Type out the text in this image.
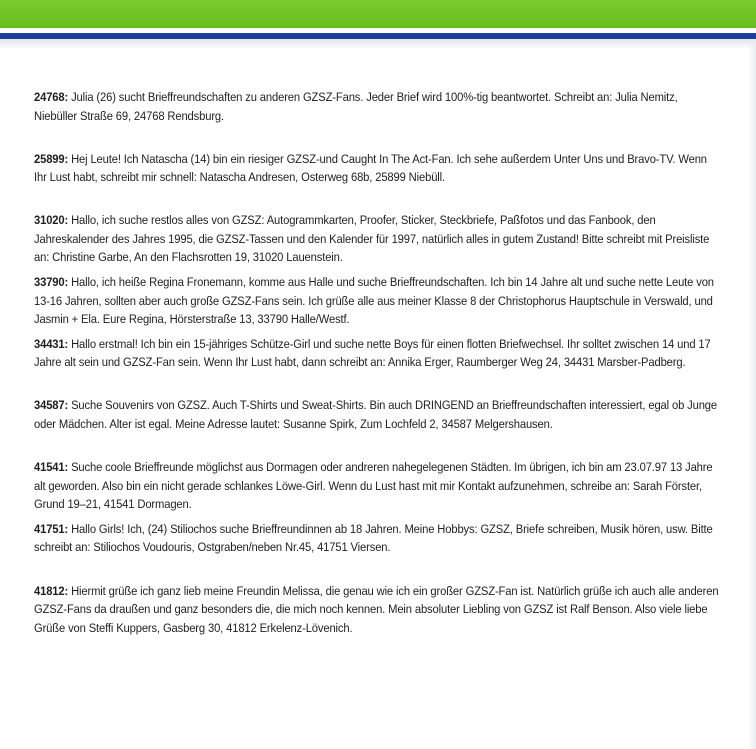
24768: Julia (26) sucht Brieffreundschaften zu anderen GZSZ-Fans. Jeder Brief wird 100%-tig beantwortet. Schreibt an: Julia Nemitz, Niebüller Straße 69, 24768 Rendsburg.
25899: Hej Leute! Ich Natascha (14) bin ein riesiger GZSZ-und Caught In The Act-Fan. Ich sehe außerdem Unter Uns und Bravo-TV. Wenn Ihr Lust habt, schreibt mir schnell: Natascha Andresen, Osterweg 68b, 25899 Niebüll.
31020: Hallo, ich suche restlos alles von GZSZ: Autogrammkarten, Proofer, Sticker, Steckbriefe, Paßfotos und das Fanbook, den Jahreskalender des Jahres 1995, die GZSZ-Tassen und den Kalender für 1997, natürlich alles in gutem Zustand! Bitte schreibt mit Preisliste an: Christine Garbe, An den Flachsrotten 19, 31020 Lauenstein.
33790: Hallo, ich heiße Regina Fronemann, komme aus Halle und suche Brieffreundschaften. Ich bin 14 Jahre alt und suche nette Leute von 13-16 Jahren, sollten aber auch große GZSZ-Fans sein. Ich grüße alle aus meiner Klasse 8 der Christophorus Hauptschule in Verswald, und Jasmin + Ela. Eure Regina, Hörsterstraße 13, 33790 Halle/Westf.
34431: Hallo erstmal! Ich bin ein 15-jähriges Schütze-Girl und suche nette Boys für einen flotten Briefwechsel. Ihr solltet zwischen 14 und 17 Jahre alt sein und GZSZ-Fan sein. Wenn Ihr Lust habt, dann schreibt an: Annika Erger, Raumberger Weg 24, 34431 Marsber-Padberg.
34587: Suche Souvenirs von GZSZ. Auch T-Shirts und Sweat-Shirts. Bin auch DRINGEND an Brieffreundschaften interessiert, egal ob Junge oder Mädchen. Alter ist egal. Meine Adresse lautet: Susanne Spirk, Zum Lochfeld 2, 34587 Melgershausen.
41541: Suche coole Brieffreunde möglichst aus Dormagen oder andreren nahegelegenen Städten. Im übrigen, ich bin am 23.07.97 13 Jahre alt geworden. Also bin ein nicht gerade schlankes Löwe-Girl. Wenn du Lust hast mit mir Kontakt aufzunehmen, schreibe an: Sarah Förster, Grund 19–21, 41541 Dormagen.
41751: Hallo Girls! Ich, (24) Stiliochos suche Brieffreundinnen ab 18 Jahren. Meine Hobbys: GZSZ, Briefe schreiben, Musik hören, usw. Bitte schreibt an: Stiliochos Voudouris, Ostgraben/neben Nr.45, 41751 Viersen.
41812: Hiermit grüße ich ganz lieb meine Freundin Melissa, die genau wie ich ein großer GZSZ-Fan ist. Natürlich grüße ich auch alle anderen GZSZ-Fans da draußen und ganz besonders die, die mich noch kennen. Mein absoluter Liebling von GZSZ ist Ralf Benson. Also viele liebe Grüße von Steffi Kuppers, Gasberg 30, 41812 Erkelenz-Lövenich.
